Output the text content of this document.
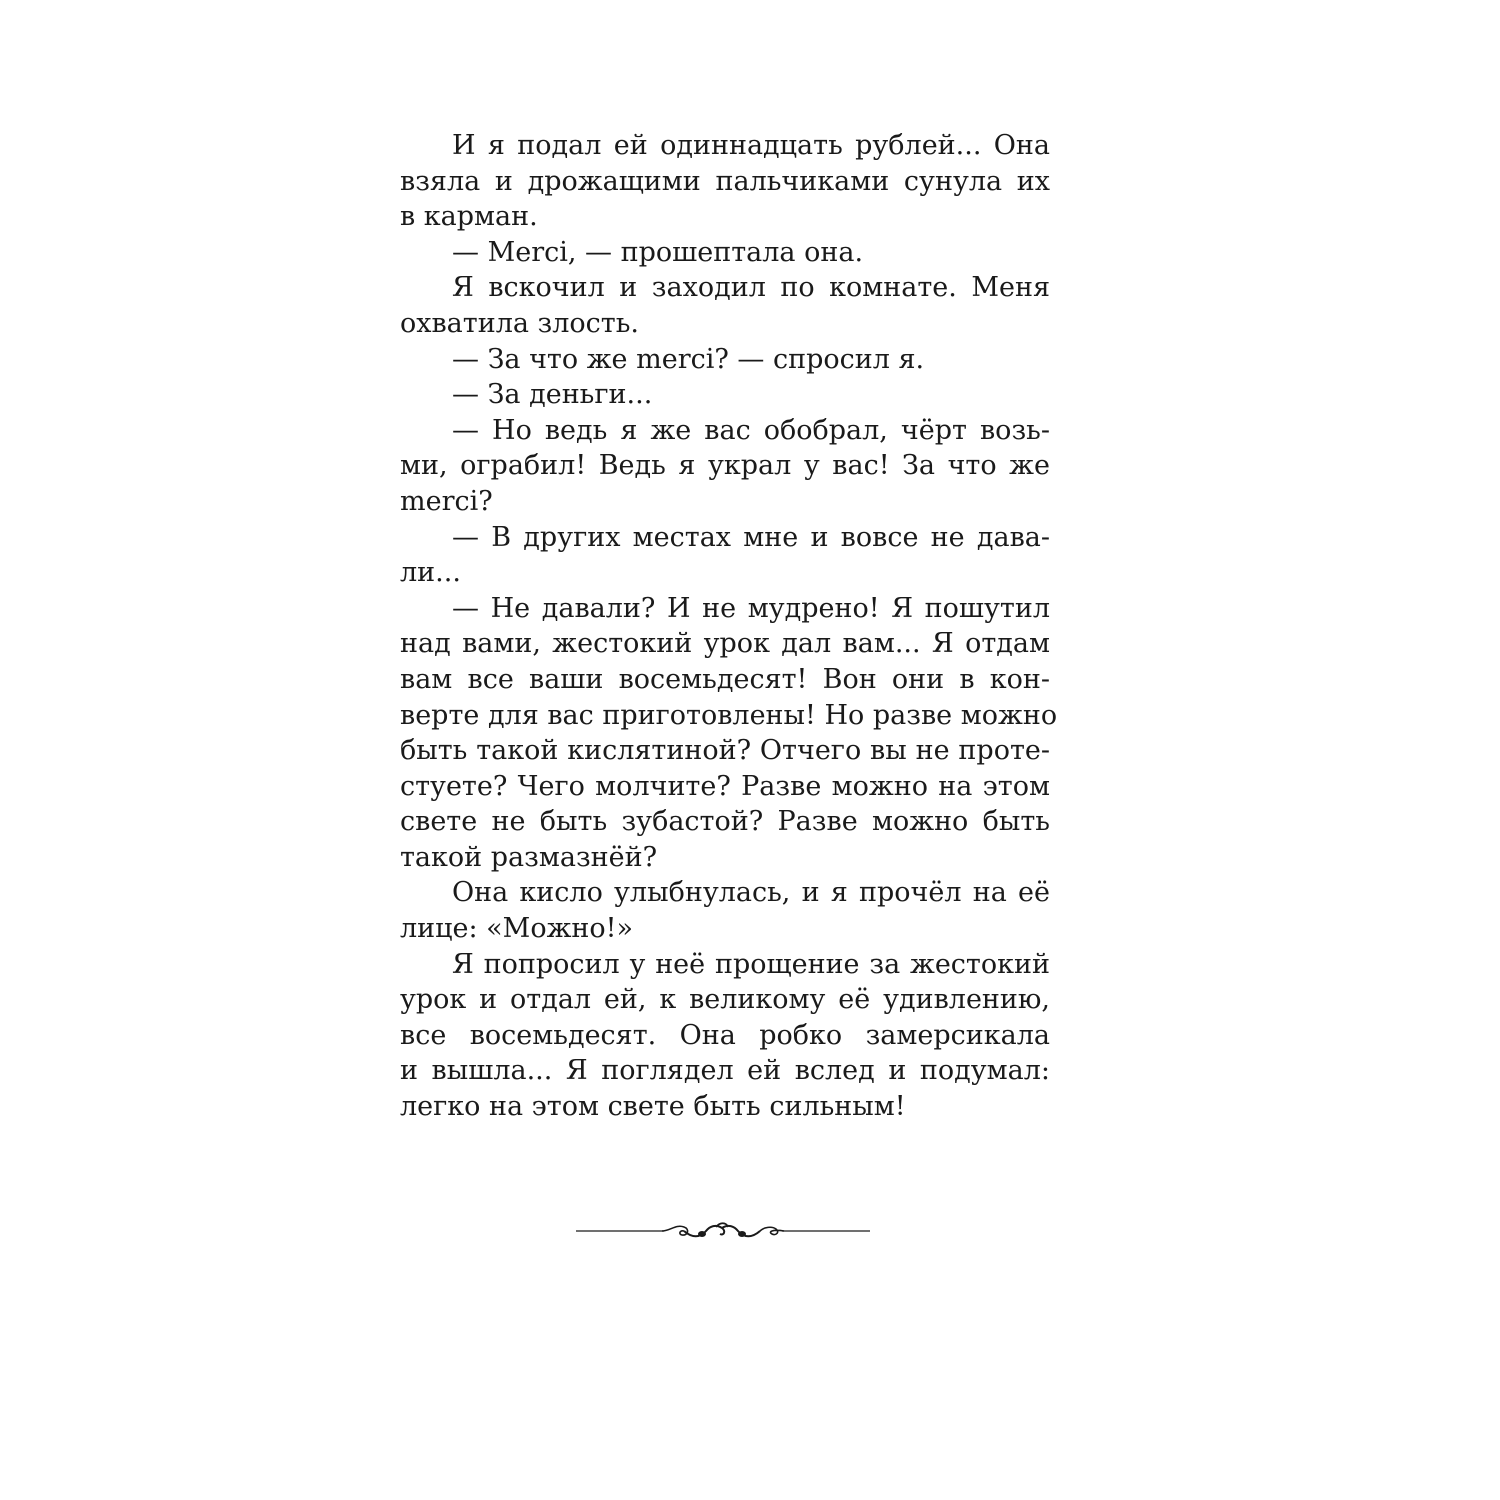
И я подал ей одиннадцать рублей... Она
взяла и дрожащими пальчиками сунула их
в карман.
— Merci, — прошептала она.
Я вскочил и заходил по комнате. Меня
охватила злость.
— За что же merci? — спросил я.
— За деньги...
— Но ведь я же вас обобрал, чёрт возь-
ми, ограбил! Ведь я украл у вас! За что же
merci?
— В других местах мне и вовсе не дава-
ли...
— Не давали? И не мудрено! Я пошутил
над вами, жестокий урок дал вам... Я отдам
вам все ваши восемьдесят! Вон они в кон-
верте для вас приготовлены! Но разве можно
быть такой кислятиной? Отчего вы не проте-
стуете? Чего молчите? Разве можно на этом
свете не быть зубастой? Разве можно быть
такой размазнёй?
Она кисло улыбнулась, и я прочёл на её
лице: «Можно!»
Я попросил у неё прощение за жестокий
урок и отдал ей, к великому её удивлению,
все восемьдесят. Она робко замерсикала
и вышла... Я поглядел ей вслед и подумал:
легко на этом свете быть сильным!
